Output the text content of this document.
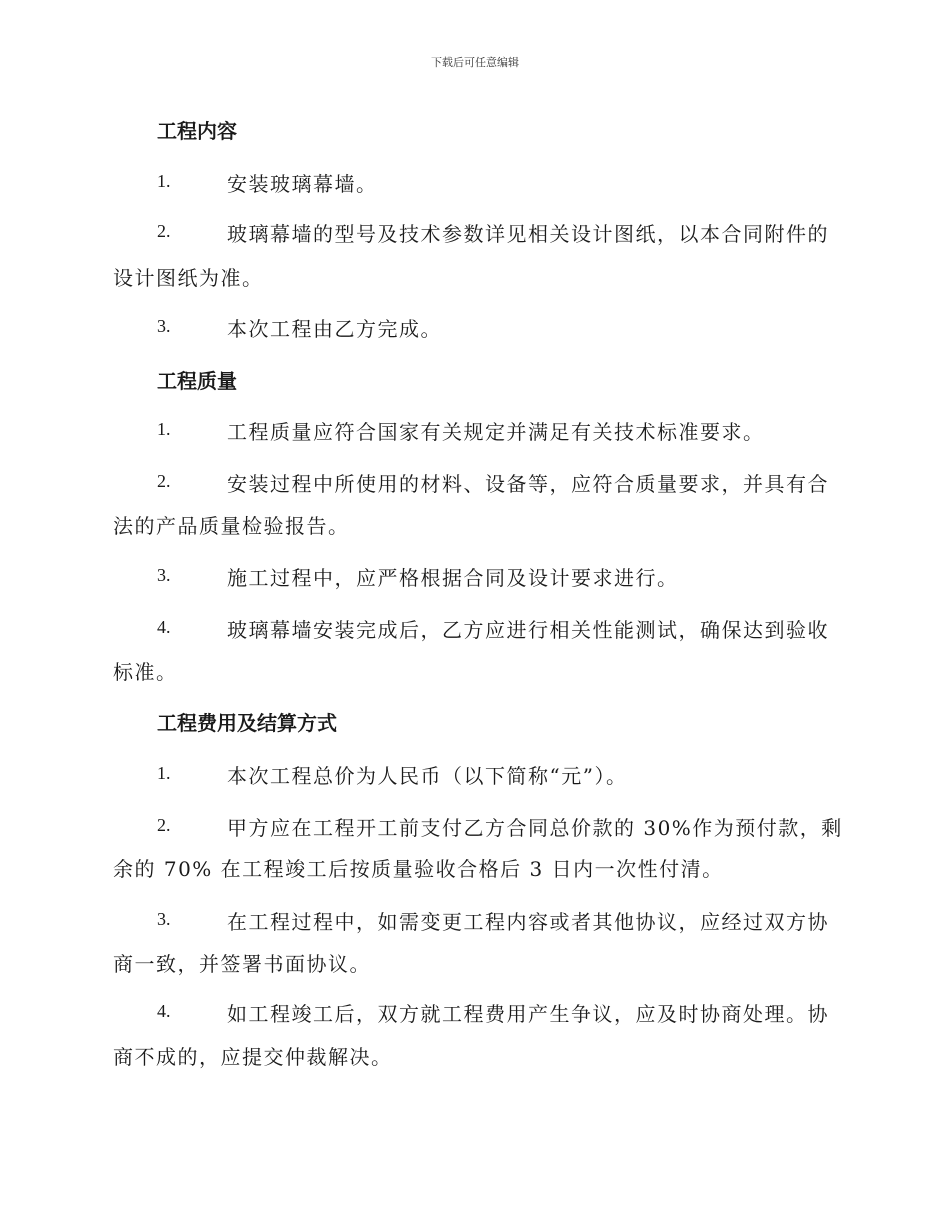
下载后可任意编辑
工程内容
1.	安装玻璃幕墙。
2.	玻璃幕墙的型号及技术参数详见相关设计图纸，以本合同附件的
设计图纸为准。
3.	本次工程由乙方完成。
工程质量
1.	工程质量应符合国家有关规定并满足有关技术标准要求。
2.	安装过程中所使用的材料、设备等，应符合质量要求，并具有合
法的产品质量检验报告。
3.	施工过程中，应严格根据合同及设计要求进行。
4.	玻璃幕墙安装完成后，乙方应进行相关性能测试，确保达到验收
标准。
工程费用及结算方式
1.	本次工程总价为人民币（以下简称“元”）。
2.	甲方应在工程开工前支付乙方合同总价款的 30%作为预付款，剩
余的 70% 在工程竣工后按质量验收合格后 3 日内一次性付清。
3.	在工程过程中，如需变更工程内容或者其他协议，应经过双方协
商一致，并签署书面协议。
4.	如工程竣工后，双方就工程费用产生争议，应及时协商处理。协
商不成的，应提交仲裁解决。
